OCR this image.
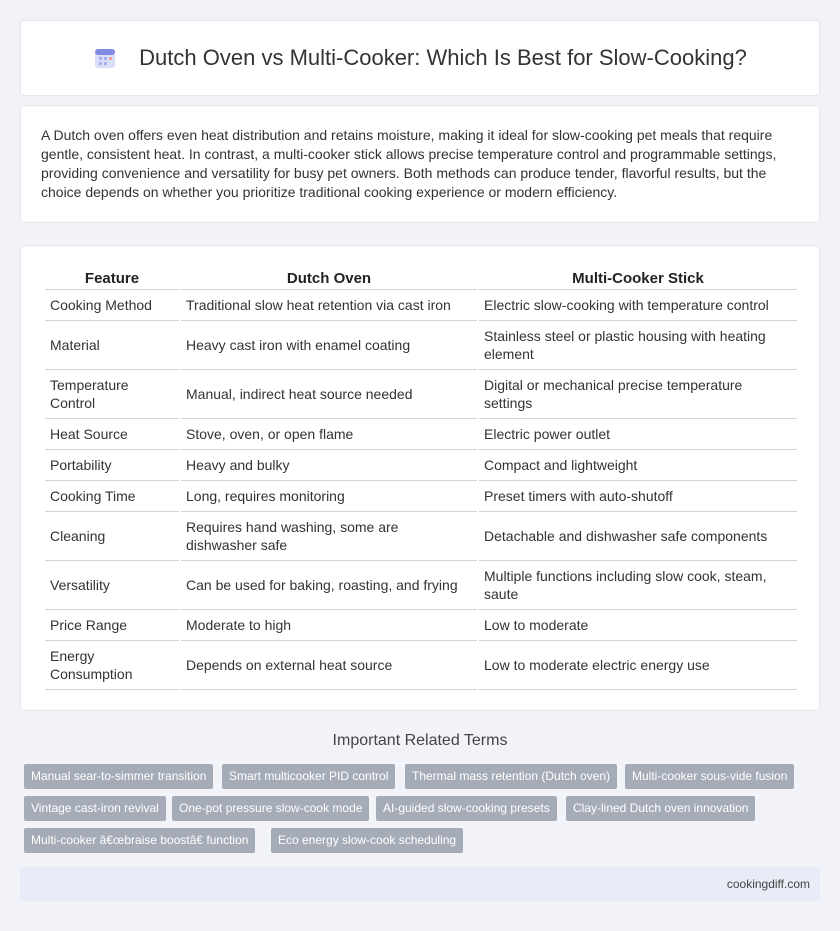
Dutch Oven vs Multi-Cooker: Which Is Best for Slow-Cooking?

A Dutch oven offers even heat distribution and retains moisture, making it ideal for slow-cooking pet meals that require gentle, consistent heat. In contrast, a multi-cooker stick allows precise temperature control and programmable settings, providing convenience and versatility for busy pet owners. Both methods can produce tender, flavorful results, but the choice depends on whether you prioritize traditional cooking experience or modern efficiency.

Feature	Dutch Oven	Multi-Cooker Stick
Cooking Method	Traditional slow heat retention via cast iron	Electric slow-cooking with temperature control
Material	Heavy cast iron with enamel coating	Stainless steel or plastic housing with heating element
Temperature Control	Manual, indirect heat source needed	Digital or mechanical precise temperature settings
Heat Source	Stove, oven, or open flame	Electric power outlet
Portability	Heavy and bulky	Compact and lightweight
Cooking Time	Long, requires monitoring	Preset timers with auto-shutoff
Cleaning	Requires hand washing, some are dishwasher safe	Detachable and dishwasher safe components
Versatility	Can be used for baking, roasting, and frying	Multiple functions including slow cook, steam, saute
Price Range	Moderate to high	Low to moderate
Energy Consumption	Depends on external heat source	Low to moderate electric energy use
Important Related Terms
Manual sear-to-simmer transition	Smart multicooker PID control	Thermal mass retention (Dutch oven)	Multi-cooker sous-vide fusion
Vintage cast-iron revival	One-pot pressure slow-cook mode	AI-guided slow-cooking presets	Clay-lined Dutch oven innovation
Multi-cooker â€œbraise boostâ€ function	Eco energy slow-cook scheduling
cookingdiff.com
